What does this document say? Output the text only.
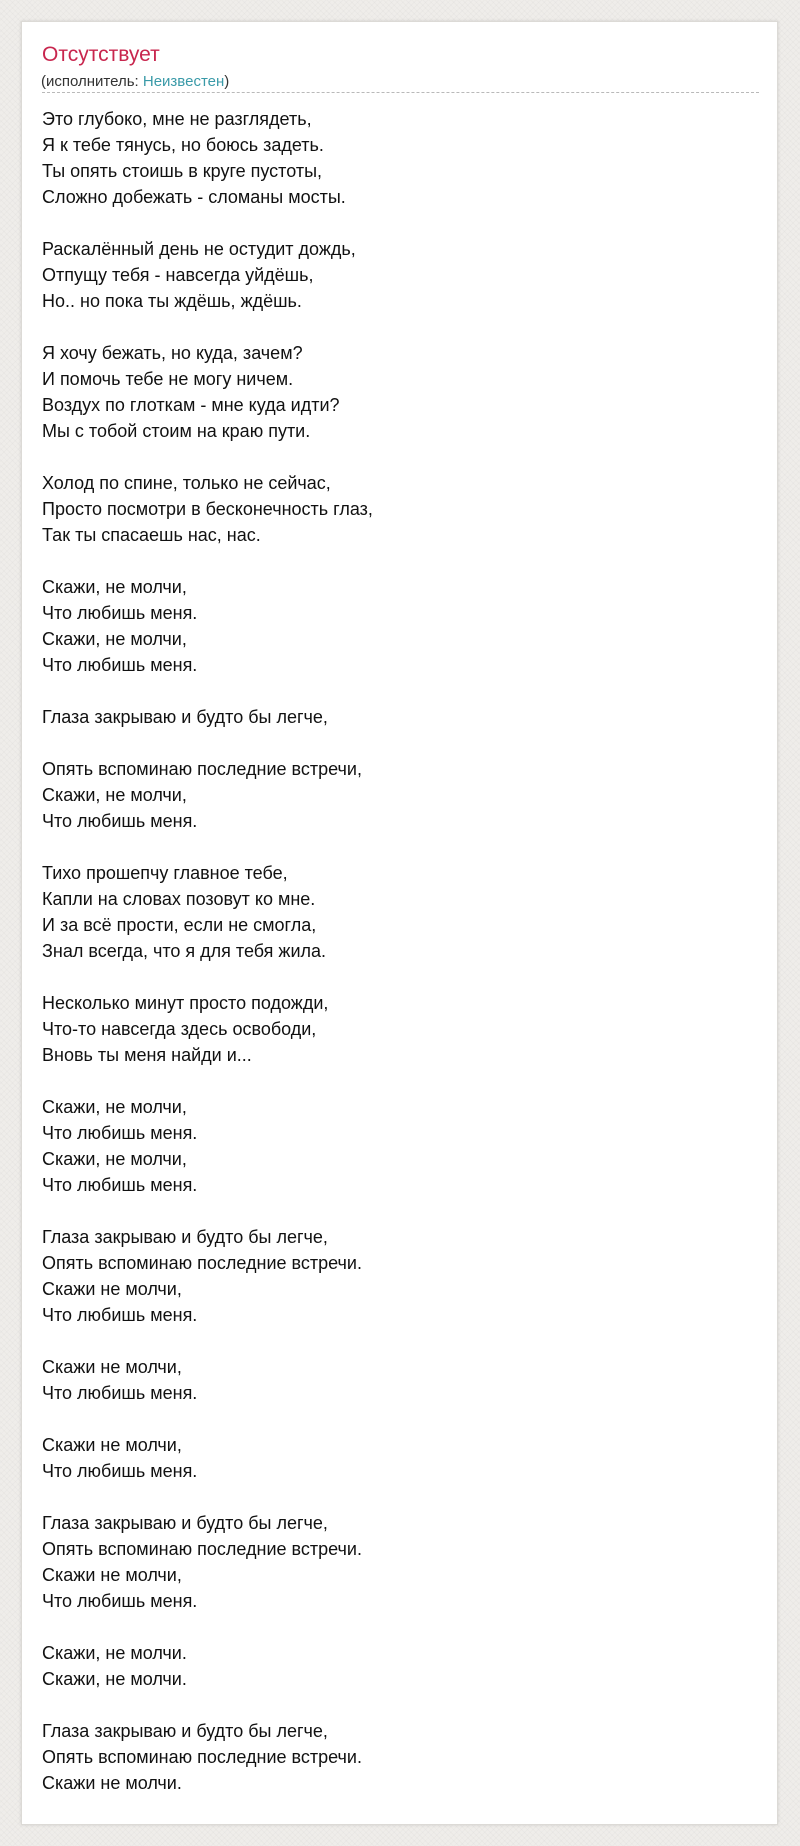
Отсутствует
(исполнитель: Неизвестен)
Это глубоко, мне не разглядеть,
Я к тебе тянусь, но боюсь задеть.
Ты опять стоишь в круге пустоты,
Сложно добежать - сломаны мосты.

Раскалённый день не остудит дождь,
Отпущу тебя - навсегда уйдёшь,
Но.. но пока ты ждёшь, ждёшь.

Я хочу бежать, но куда, зачем?
И помочь тебе не могу ничем.
Воздух по глоткам - мне куда идти?
Мы с тобой стоим на краю пути.

Холод по спине, только не сейчас,
Просто посмотри в бесконечность глаз,
Так ты спасаешь нас, нас.

Скажи, не молчи,
Что любишь меня.
Скажи, не молчи,
Что любишь меня.

Глаза закрываю и будто бы легче,

Опять вспоминаю последние встречи,
Скажи, не молчи,
Что любишь меня.

Тихо прошепчу главное тебе,
Капли на словах позовут ко мне.
И за всё прости, если не смогла,
Знал всегда, что я для тебя жила.

Несколько минут просто подожди,
Что-то навсегда здесь освободи,
Вновь ты меня найди и...

Скажи, не молчи,
Что любишь меня.
Скажи, не молчи,
Что любишь меня.

Глаза закрываю и будто бы легче,
Опять вспоминаю последние встречи.
Скажи не молчи,
Что любишь меня.

Скажи не молчи,
Что любишь меня.

Скажи не молчи,
Что любишь меня.

Глаза закрываю и будто бы легче,
Опять вспоминаю последние встречи.
Скажи не молчи,
Что любишь меня.

Скажи, не молчи.
Скажи, не молчи.

Глаза закрываю и будто бы легче,
Опять вспоминаю последние встречи.
Скажи не молчи.
